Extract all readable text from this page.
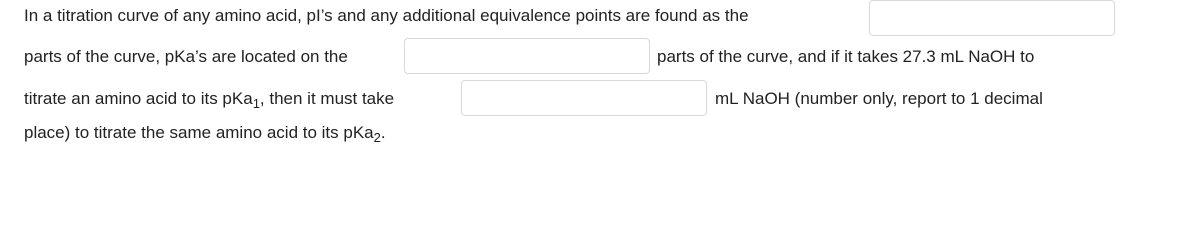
In a titration curve of any amino acid, pI’s and any additional equivalence points are found as the
parts of the curve, pKa’s are located on the	parts of the curve, and if it takes 27.3 mL NaOH to
titrate an amino acid to its pKa$_1$, then it must take	mL NaOH (number only, report to 1 decimal
place) to titrate the same amino acid to its pKa$_2$.
